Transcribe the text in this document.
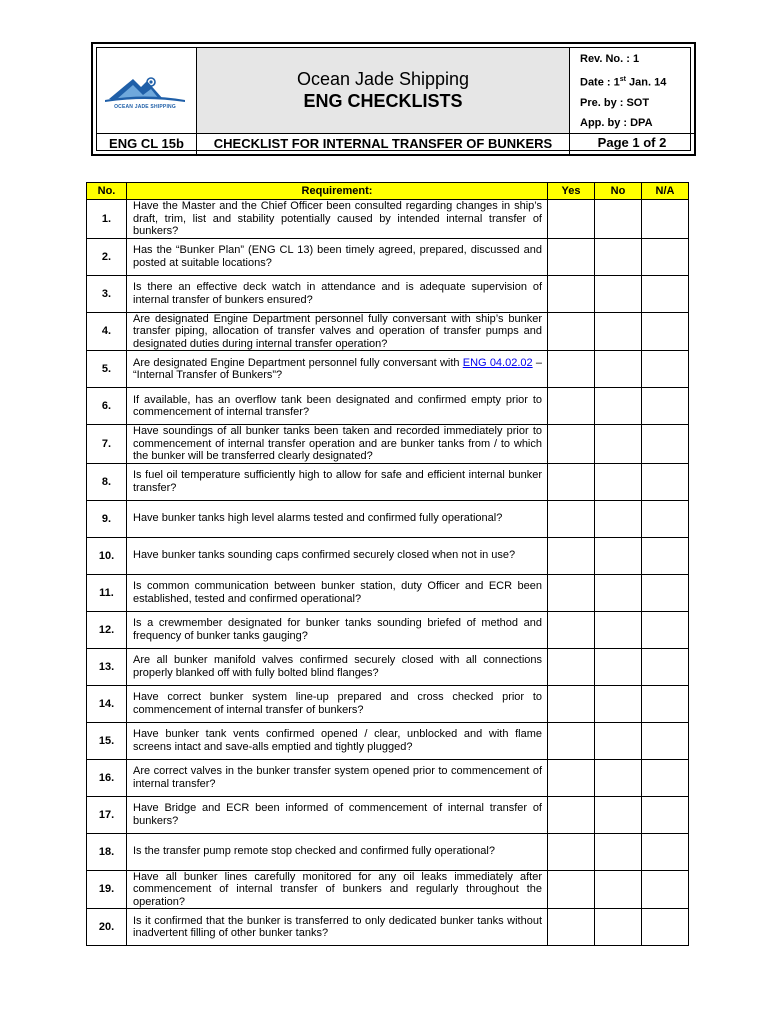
OCEAN JADE SHIPPING
Ocean Jade Shipping
ENG CHECKLISTS
Rev. No. : 1
Date : 1st Jan. 14
Pre. by : SOT
App. by : DPA
ENG CL 15b	CHECKLIST FOR INTERNAL TRANSFER OF BUNKERS	Page 1 of 2
No.	Requirement:	Yes	No	N/A
1.	Have the Master and the Chief Officer been consulted regarding changes in ship’s draft, trim, list and stability potentially caused by intended internal transfer of bunkers?			
2.	Has the “Bunker Plan” (ENG CL 13) been timely agreed, prepared, discussed and posted at suitable locations?			
3.	Is there an effective deck watch in attendance and is adequate supervision of internal transfer of bunkers ensured?			
4.	Are designated Engine Department personnel fully conversant with ship’s bunker transfer piping, allocation of transfer valves and operation of transfer pumps and designated duties during internal transfer operation?			
5.	Are designated Engine Department personnel fully conversant with ENG 04.02.02 – “Internal Transfer of Bunkers”?			
6.	If available, has an overflow tank been designated and confirmed empty prior to commencement of internal transfer?			
7.	Have soundings of all bunker tanks been taken and recorded immediately prior to commencement of internal transfer operation and are bunker tanks from / to which the bunker will be transferred clearly designated?			
8.	Is fuel oil temperature sufficiently high to allow for safe and efficient internal bunker transfer?			
9.	Have bunker tanks high level alarms tested and confirmed fully operational?			
10.	Have bunker tanks sounding caps confirmed securely closed when not in use?			
11.	Is common communication between bunker station, duty Officer and ECR been established, tested and confirmed operational?			
12.	Is a crewmember designated for bunker tanks sounding briefed of method and frequency of bunker tanks gauging?			
13.	Are all bunker manifold valves confirmed securely closed with all connections properly blanked off with fully bolted blind flanges?			
14.	Have correct bunker system line-up prepared and cross checked prior to commencement of internal transfer of bunkers?			
15.	Have bunker tank vents confirmed opened / clear, unblocked and with flame screens intact and save-alls emptied and tightly plugged?			
16.	Are correct valves in the bunker transfer system opened prior to commencement of internal transfer?			
17.	Have Bridge and ECR been informed of commencement of internal transfer of bunkers?			
18.	Is the transfer pump remote stop checked and confirmed fully operational?			
19.	Have all bunker lines carefully monitored for any oil leaks immediately after commencement of internal transfer of bunkers and regularly throughout the operation?			
20.	Is it confirmed that the bunker is transferred to only dedicated bunker tanks without inadvertent filling of other bunker tanks?			
